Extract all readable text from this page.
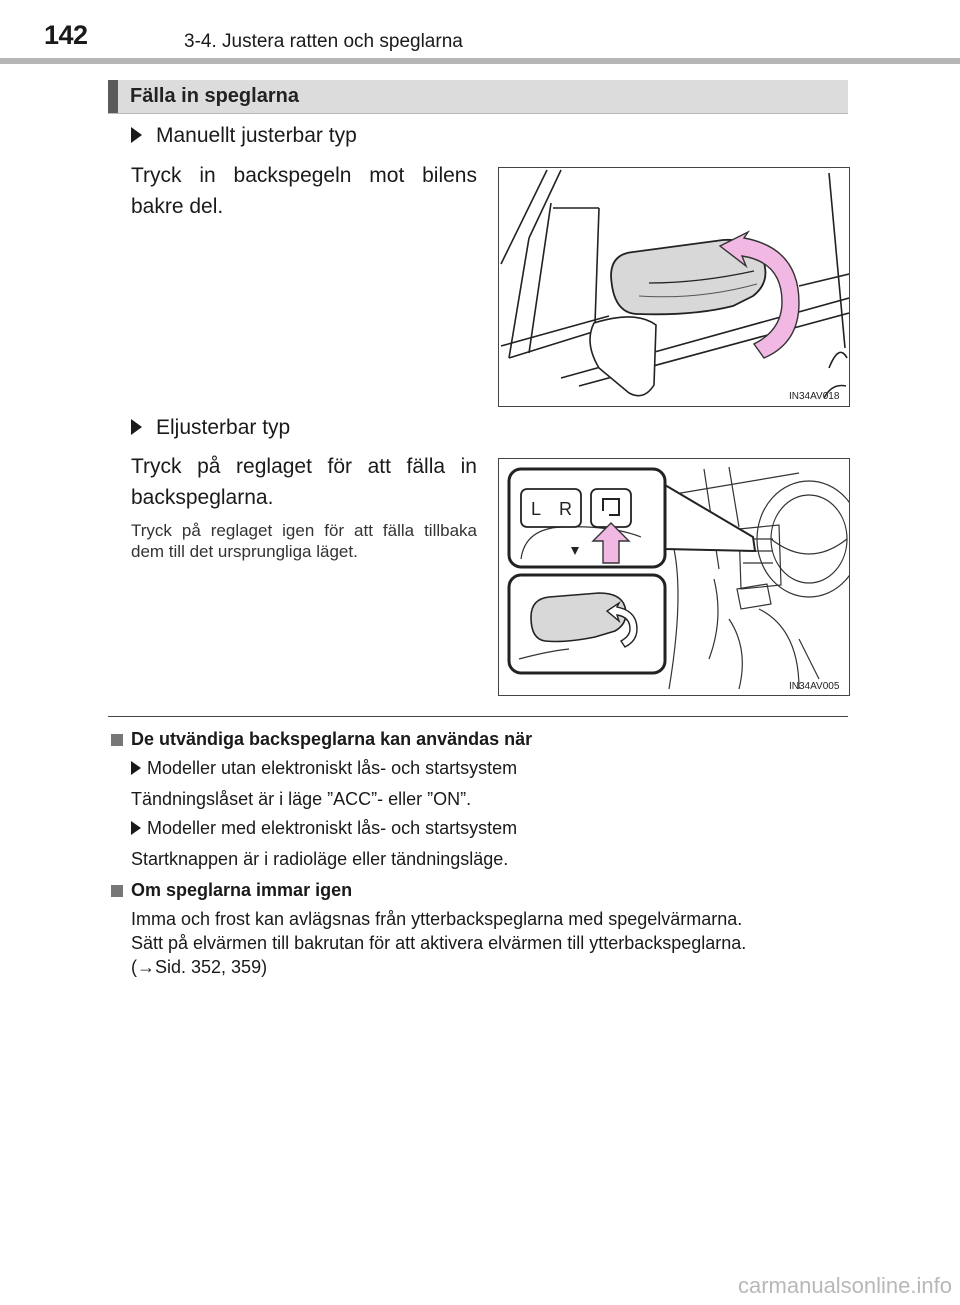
142	3-4. Justera ratten och speglarna
Fälla in speglarna
Manuellt justerbar typ
Tryck in backspegeln mot bilens bakre del.
IN34AV018
Eljusterbar typ
Tryck på reglaget för att fälla in backspeglarna.
Tryck på reglaget igen för att fälla tillbaka dem till det ursprungliga läget.
L R
IN34AV005
De utvändiga backspeglarna kan användas när
Modeller utan elektroniskt lås- och startsystem
Tändningslåset är i läge ”ACC”- eller ”ON”.
Modeller med elektroniskt lås- och startsystem
Startknappen är i radioläge eller tändningsläge.
Om speglarna immar igen
Imma och frost kan avlägsnas från ytterbackspeglarna med spegelvärmarna.
Sätt på elvärmen till bakrutan för att aktivera elvärmen till ytterbackspeglarna.
(→Sid. 352, 359)
carmanualsonline.info
